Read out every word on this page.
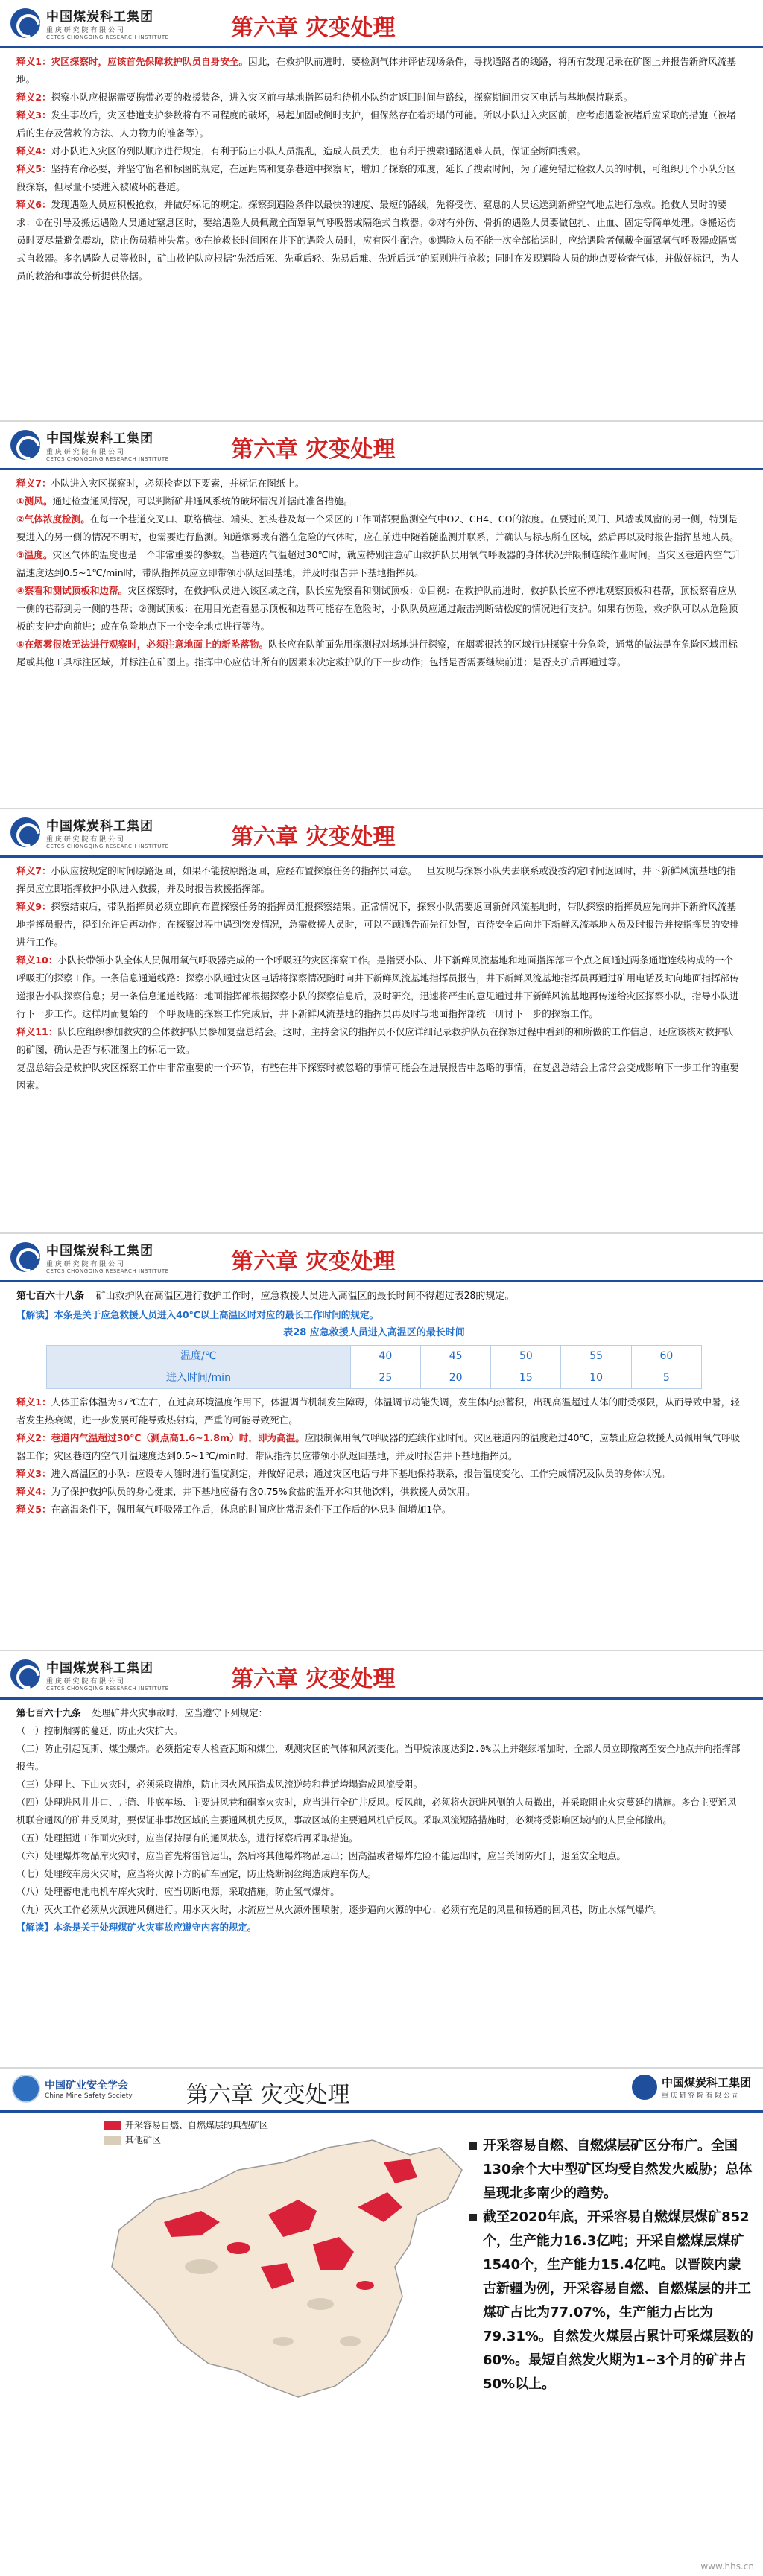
中国煤炭科工集团
重 庆 研 究 院 有 限 公 司
CETCS CHONGQING RESEARCH INSTITUTE	第六章 灾变处理

释义1：灾区探察时，应该首先保障救护队员自身安全。因此，在救护队前进时，要检测气体并评估现场条件，寻找通路者的线路，将所有发现记录在矿图上并报告新鲜风流基地。

释义2：探察小队应根据需要携带必要的救援装备，进入灾区前与基地指挥员和待机小队约定返回时间与路线，探察期间用灾区电话与基地保持联系。

释义3：发生事故后，灾区巷道支护参数将有不同程度的破坏，易起加固或倒时支护，但保然存在着坍塌的可能。所以小队进入灾区前，应考虑遇险被堵后应采取的措施（被堵后的生存及营救的方法、人力物力的准备等）。

释义4：对小队进入灾区的列队顺序进行规定，有利于防止小队人员混乱，造成人员丢失，也有利于搜索通路遇难人员，保证全断面搜索。

释义5：坚持有命必要，并坚守留名和标图的规定，在远距离和复杂巷道中探察时，增加了探察的难度，延长了搜索时间，为了避免错过检救人员的时机，可组织几个小队分区段探察，但尽量不要进入被破坏的巷道。

释义6：发现遇险人员应积极抢救，并做好标记的规定。探察到遇险条件以最快的速度、最短的路线，先将受伤、窒息的人员运送到新鲜空气地点进行急救。抢救人员时的要求：①在引导及搬运遇险人员通过窒息区时，要给遇险人员佩戴全面罩氧气呼吸器或隔绝式自救器。②对有外伤、骨折的遇险人员要做包扎、止血、固定等简单处理。③搬运伤员时要尽量避免震动，防止伤员精神失常。④在抢救长时间困在井下的遇险人员时，应有医生配合。⑤遇险人员不能一次全部抬运时，应给遇险者佩戴全面罩氧气呼吸器或隔离式自救器。多名遇险人员等救时，矿山救护队应根据“先活后死、先重后轻、先易后难、先近后远”的原则进行抢救；同时在发现遇险人员的地点要检查气体，并做好标记，为人员的救治和事故分析提供依据。

中国煤炭科工集团
重 庆 研 究 院 有 限 公 司
CETCS CHONGQING RESEARCH INSTITUTE	第六章 灾变处理

释义7：小队进入灾区探察时，必须检查以下要素，并标记在图纸上。

①测风。通过检查通风情况，可以判断矿井通风系统的破坏情况并据此准备措施。

②气体浓度检测。在每一个巷道交叉口、联络横巷、端头、独头巷及每一个采区的工作面都要监测空气中O2、CH4、CO的浓度。在要过的风门、风墙或风窗的另一侧，特别是要进入的另一侧的情况不明时，也需要进行监测。知道烟雾或有潜在危险的气体时，应在前进中随着随监测并联系，并确认与标志所在区域，然后再以及时报告指挥基地人员。

③温度。灾区气体的温度也是一个非常重要的参数。当巷道内气温超过30℃时，就应特别注意矿山救护队员用氧气呼吸器的身体状况并限制连续作业时间。当灾区巷道内空气升温速度达到0.5~1℃/min时，带队指挥员应立即带领小队返回基地，并及时报告井下基地指挥员。

④察看和测试顶板和边帮。灾区探察时，在救护队员进入该区域之前，队长应先察看和测试顶板：①目视：在救护队前进时，救护队长应不停地观察顶板和巷帮，顶板察看应从一侧的巷帮到另一侧的巷帮；②测试顶板：在用目光查看显示顶板和边帮可能存在危险时，小队队员应通过敲击判断钻松度的情况进行支护。如果有伤险，救护队可以从危险顶板的支护走向前进；或在危险地点下一个安全地点进行等待。

⑤在烟雾很浓无法进行观察时，必须注意地面上的新坠落物。队长应在队前面先用探测棍对场地进行探察，在烟雾很浓的区域行进探察十分危险，通常的做法是在危险区域用标尾或其他工具标注区域，并标注在矿图上。指挥中心应估计所有的因素来决定救护队的下一步动作；包括是否需要继续前进；是否支护后再通过等。

中国煤炭科工集团
重 庆 研 究 院 有 限 公 司
CETCS CHONGQING RESEARCH INSTITUTE	第六章 灾变处理

释义7：小队应按规定的时间原路返回，如果不能按原路返回，应经布置探察任务的指挥员同意。一旦发现与探察小队失去联系或没按约定时间返回时，井下新鲜风流基地的指挥员应立即指挥救护小队进入救援，并及时报告救援指挥部。

释义9：探察结束后，带队指挥员必须立即向布置探察任务的指挥员汇报探察结果。正常情况下，探察小队需要返回新鲜风流基地时，带队探察的指挥员应先向井下新鲜风流基地指挥员报告，得到允许后再动作；在探察过程中遇到突发情况，急需救援人员时，可以不顾通告而先行处置，直待安全后向井下新鲜风流基地人员及时报告并按指挥员的安排进行工作。

释义10：小队长带领小队全体人员佩用氧气呼吸器完成的一个呼吸班的灾区探察工作。是指要小队、井下新鲜风流基地和地面指挥部三个点之间通过两条通道连线构成的一个呼吸班的探察工作。一条信息通道线路：探察小队通过灾区电话将探察情况随时向井下新鲜风流基地指挥员报告，井下新鲜风流基地指挥员再通过矿用电话及时向地面指挥部传递报告小队探察信息；另一条信息通道线路：地面指挥部根据探察小队的探察信息后，及时研究，迅速将严生的意见通过井下新鲜风流基地再传递给灾区探察小队，指导小队进行下一步工作。这样周而复始的一个呼吸班的探察工作完成后，井下新鲜风流基地的指挥员再及时与地面指挥部统一研讨下一步的探察工作。

释义11：队长应组织参加救灾的全体救护队员参加复盘总结会。这时，主持会议的指挥员不仅应详细记录救护队员在探察过程中看到的和所做的工作信息，还应该核对救护队的矿图，确认是否与标准图上的标记一致。

复盘总结会是救护队灾区探察工作中非常重要的一个环节，有些在井下探察时被忽略的事情可能会在进展报告中忽略的事情，在复盘总结会上常常会变成影响下一步工作的重要因素。

中国煤炭科工集团
重 庆 研 究 院 有 限 公 司
CETCS CHONGQING RESEARCH INSTITUTE	第六章 灾变处理

第七百六十八条 矿山救护队在高温区进行救护工作时，应急救援人员进入高温区的最长时间不得超过表28的规定。

【解读】本条是关于应急救援人员进入40℃以上高温区时对应的最长工作时间的规定。

表28 应急救援人员进入高温区的最长时间
温度/℃	40	45	50	55	60
进入时间/min	25	20	15	10	5

释义1：人体正常体温为37℃左右，在过高环境温度作用下，体温调节机制发生障碍，体温调节功能失调，发生体内热蓄积，出现高温超过人体的耐受极限，从而导致中暑，轻者发生热衰竭，进一步发展可能导致热射病，严重的可能导致死亡。

释义2：巷道内气温超过30℃（测点高1.6~1.8m）时，即为高温。应限制佩用氧气呼吸器的连续作业时间。灾区巷道内的温度超过40℃，应禁止应急救援人员佩用氧气呼吸器工作；灾区巷道内空气升温速度达到0.5~1℃/min时，带队指挥员应带领小队返回基地，并及时报告井下基地指挥员。

释义3：进入高温区的小队：应设专人随时进行温度测定，并做好记录；通过灾区电话与井下基地保持联系，报告温度变化、工作完成情况及队员的身体状况。

释义4：为了保护救护队员的身心健康，井下基地应备有含0.75%食盐的温开水和其他饮料，供救援人员饮用。

释义5：在高温条件下，佩用氧气呼吸器工作后，休息的时间应比常温条件下工作后的休息时间增加1倍。

中国煤炭科工集团
重 庆 研 究 院 有 限 公 司
CETCS CHONGQING RESEARCH INSTITUTE	第六章 灾变处理

第七百六十九条 处理矿井火灾事故时，应当遵守下列规定：

（一）控制烟雾的蔓延，防止火灾扩大。

（二）防止引起瓦斯、煤尘爆炸。必须指定专人检查瓦斯和煤尘，观测灾区的气体和风流变化。当甲烷浓度达到2.0%以上并继续增加时，全部人员立即撤离至安全地点并向指挥部报告。

（三）处理上、下山火灾时，必须采取措施，防止因火风压造成风流逆转和巷道垮塌造成风流受阻。

（四）处理进风井井口、井筒、井底车场、主要进风巷和硐室火灾时，应当进行全矿井反风。反风前，必须将火源进风侧的人员撤出，并采取阻止火灾蔓延的措施。多台主要通风机联合通风的矿井反风时，要保证非事故区域的主要通风机先反风，事故区域的主要通风机后反风。采取风流短路措施时，必须将受影响区域内的人员全部撤出。

（五）处理掘进工作面火灾时，应当保持原有的通风状态，进行探察后再采取措施。

（六）处理爆炸物品库火灾时，应当首先将雷管运出，然后将其他爆炸物品运出；因高温或者爆炸危险不能运出时，应当关闭防火门，退至安全地点。

（七）处理绞车房火灾时，应当将火源下方的矿车固定，防止烧断钢丝绳造成跑车伤人。

（八）处理蓄电池电机车库火灾时，应当切断电源，采取措施，防止氢气爆炸。

（九）灭火工作必须从火源进风侧进行。用水灭火时，水流应当从火源外围喷射，逐步逼向火源的中心；必须有充足的风量和畅通的回风巷，防止水煤气爆炸。

【解读】本条是关于处理煤矿火灾事故应遵守内容的规定。

中国矿业安全学会
China Mine Safety Society 第六章 灾变处理	中国煤炭科工集团
重 庆 研 究 院 有 限 公 司
开采容易自燃、自燃煤层的典型矿区
其他矿区	开采容易自燃、自燃煤层矿区分布广。全国130余个大中型矿区均受自然发火威胁；总体呈现北多南少的趋势。
截至2020年底，开采容易自燃煤层煤矿852个，生产能力16.3亿吨；开采自燃煤层煤矿1540个，生产能力15.4亿吨。以晋陕内蒙古新疆为例，开采容易自燃、自燃煤层的井工煤矿占比为77.07%，生产能力占比为79.31%。自然发火煤层占累计可采煤层数的60%。最短自然发火期为1~3个月的矿井占50%以上。
www.hhs.cn
